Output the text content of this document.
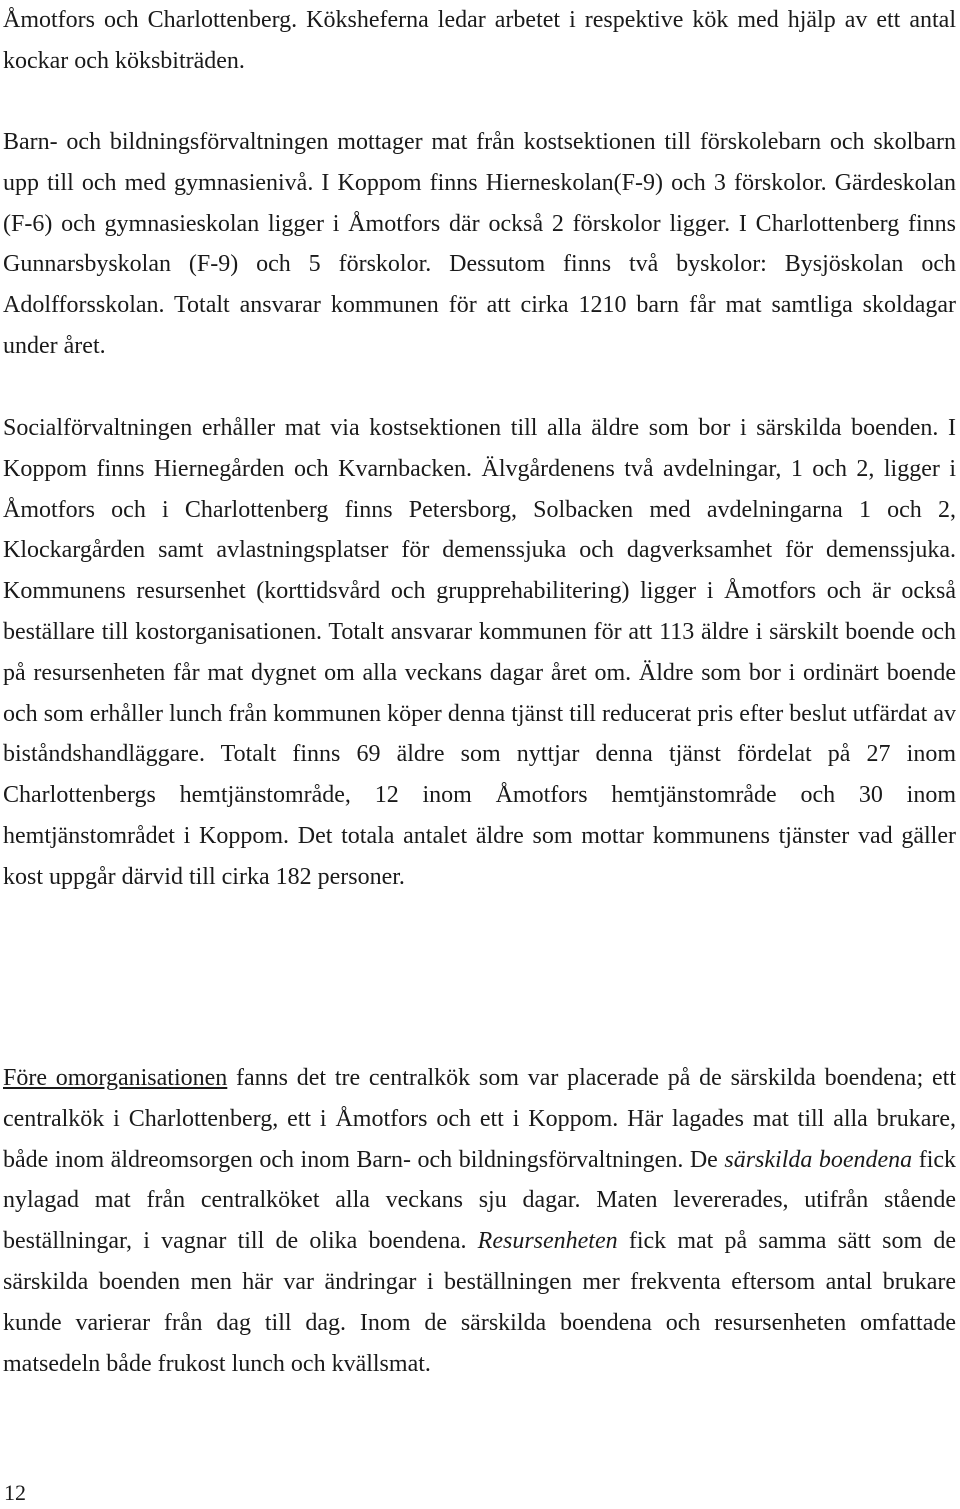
Åmotfors och Charlottenberg. Köksheferna ledar arbetet i respektive kök med hjälp av ett antal kockar och köksbiträden.

Barn- och bildningsförvaltningen mottager mat från kostsektionen till förskolebarn och skolbarn upp till och med gymnasienivå. I Koppom finns Hierneskolan(F-9) och 3 förskolor. Gärdeskolan (F-6) och gymnasieskolan ligger i Åmotfors där också 2 förskolor ligger. I Charlottenberg finns Gunnarsbyskolan (F-9) och 5 förskolor. Dessutom finns två byskolor: Bysjöskolan och Adolfforsskolan. Totalt ansvarar kommunen för att cirka 1210 barn får mat samtliga skoldagar under året.

Socialförvaltningen erhåller mat via kostsektionen till alla äldre som bor i särskilda boenden. I Koppom finns Hiernegården och Kvarnbacken. Älvgårdenens två avdelningar, 1 och 2, ligger i Åmotfors och i Charlottenberg finns Petersborg, Solbacken med avdelningarna 1 och 2, Klockargården samt avlastningsplatser för demenssjuka och dagverksamhet för demenssjuka. Kommunens resursenhet (korttidsvård och grupprehabilitering) ligger i Åmotfors och är också beställare till kostorganisationen. Totalt ansvarar kommunen för att 113 äldre i särskilt boende och på resursenheten får mat dygnet om alla veckans dagar året om. Äldre som bor i ordinärt boende och som erhåller lunch från kommunen köper denna tjänst till reducerat pris efter beslut utfärdat av biståndshandläggare. Totalt finns 69 äldre som nyttjar denna tjänst fördelat på 27 inom Charlottenbergs hemtjänstområde, 12 inom Åmotfors hemtjänstområde och 30 inom hemtjänstområdet i Koppom. Det totala antalet äldre som mottar kommunens tjänster vad gäller kost uppgår därvid till cirka 182 personer.

Före omorganisationen fanns det tre centralkök som var placerade på de särskilda boendena; ett centralkök i Charlottenberg, ett i Åmotfors och ett i Koppom. Här lagades mat till alla brukare, både inom äldreomsorgen och inom Barn- och bildningsförvaltningen. De särskilda boendena fick nylagad mat från centralköket alla veckans sju dagar. Maten levererades, utifrån stående beställningar, i vagnar till de olika boendena. Resursenheten fick mat på samma sätt som de särskilda boenden men här var ändringar i beställningen mer frekventa eftersom antal brukare kunde varierar från dag till dag. Inom de särskilda boendena och resursenheten omfattade matsedeln både frukost lunch och kvällsmat.

12
